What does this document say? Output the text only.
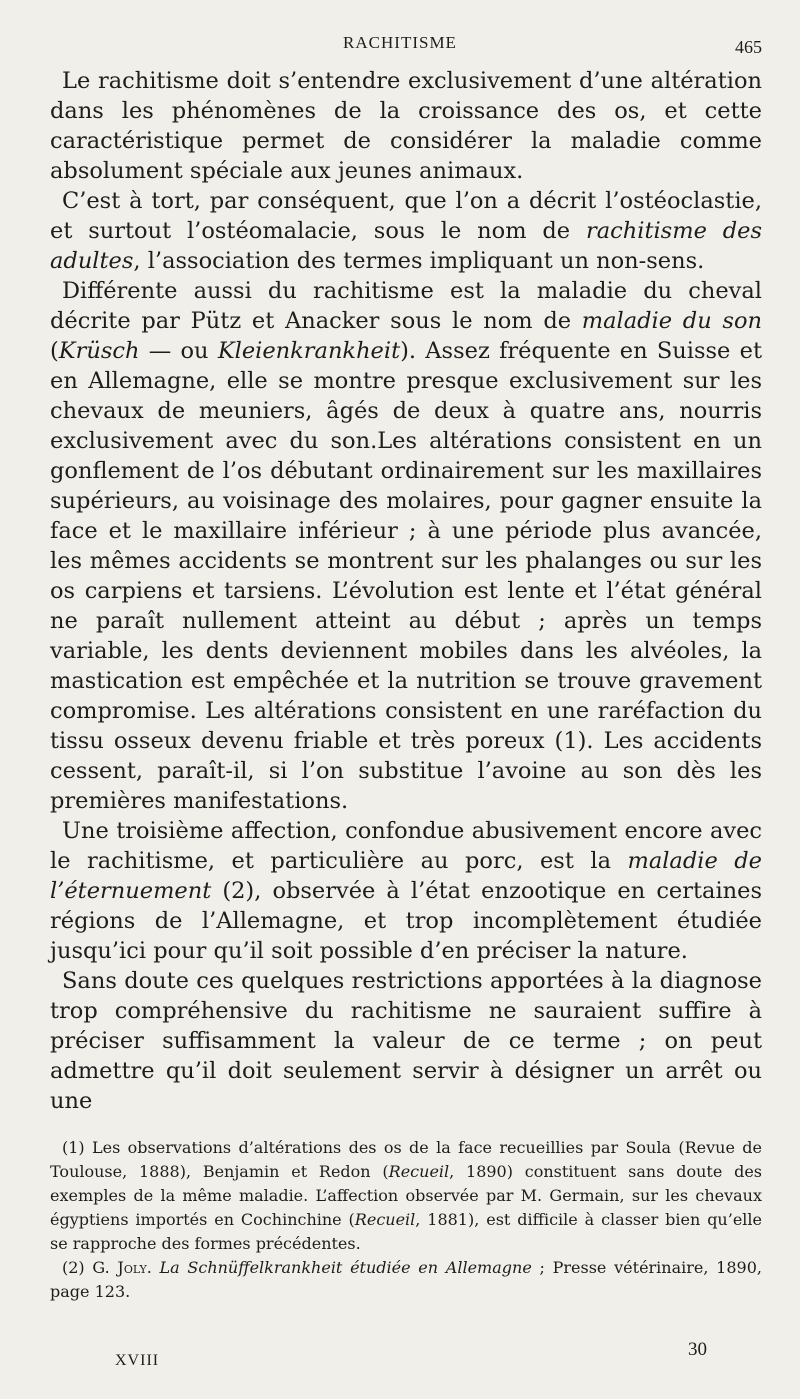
RACHITISME	465

Le rachitisme doit s’entendre exclusivement d’une altération dans les phénomènes de la croissance des os, et cette caractéristique permet de considérer la maladie comme absolument spéciale aux jeunes animaux.

C’est à tort, par conséquent, que l’on a décrit l’ostéoclastie, et surtout l’ostéomalacie, sous le nom de rachitisme des adultes, l’association des termes impliquant un non-sens.

Différente aussi du rachitisme est la maladie du cheval décrite par Pütz et Anacker sous le nom de maladie du son (Krüsch — ou Kleienkrankheit). Assez fréquente en Suisse et en Allemagne, elle se montre presque exclusivement sur les chevaux de meuniers, âgés de deux à quatre ans, nourris exclusivement avec du son.Les altérations consistent en un gonflement de l’os débutant ordinairement sur les maxillaires supérieurs, au voisinage des molaires, pour gagner ensuite la face et le maxillaire inférieur ; à une période plus avancée, les mêmes accidents se montrent sur les phalanges ou sur les os carpiens et tarsiens. L’évolution est lente et l’état général ne paraît nullement atteint au début ; après un temps variable, les dents deviennent mobiles dans les alvéoles, la mastication est empêchée et la nutrition se trouve gravement compromise. Les altérations consistent en une raréfaction du tissu osseux devenu friable et très poreux (1). Les accidents cessent, paraît-il, si l’on substitue l’avoine au son dès les premières manifestations.

Une troisième affection, confondue abusivement encore avec le rachitisme, et particulière au porc, est la maladie de l’éternuement (2), observée à l’état enzootique en certaines régions de l’Allemagne, et trop incomplètement étudiée jusqu’ici pour qu’il soit possible d’en préciser la nature.

Sans doute ces quelques restrictions apportées à la diagnose trop compréhensive du rachitisme ne sauraient suffire à préciser suffisamment la valeur de ce terme ; on peut admettre qu’il doit seulement servir à désigner un arrêt ou une

(1) Les observations d’altérations des os de la face recueillies par Soula (Revue de Toulouse, 1888), Benjamin et Redon (Recueil, 1890) constituent sans doute des exemples de la même maladie. L’affection observée par M. Germain, sur les chevaux égyptiens importés en Cochinchine (Recueil, 1881), est difficile à classer bien qu’elle se rapproche des formes précédentes.

(2) G. Joly. La Schnüffelkrankheit étudiée en Allemagne ; Presse vétérinaire, 1890, page 123.

XVIII
30
